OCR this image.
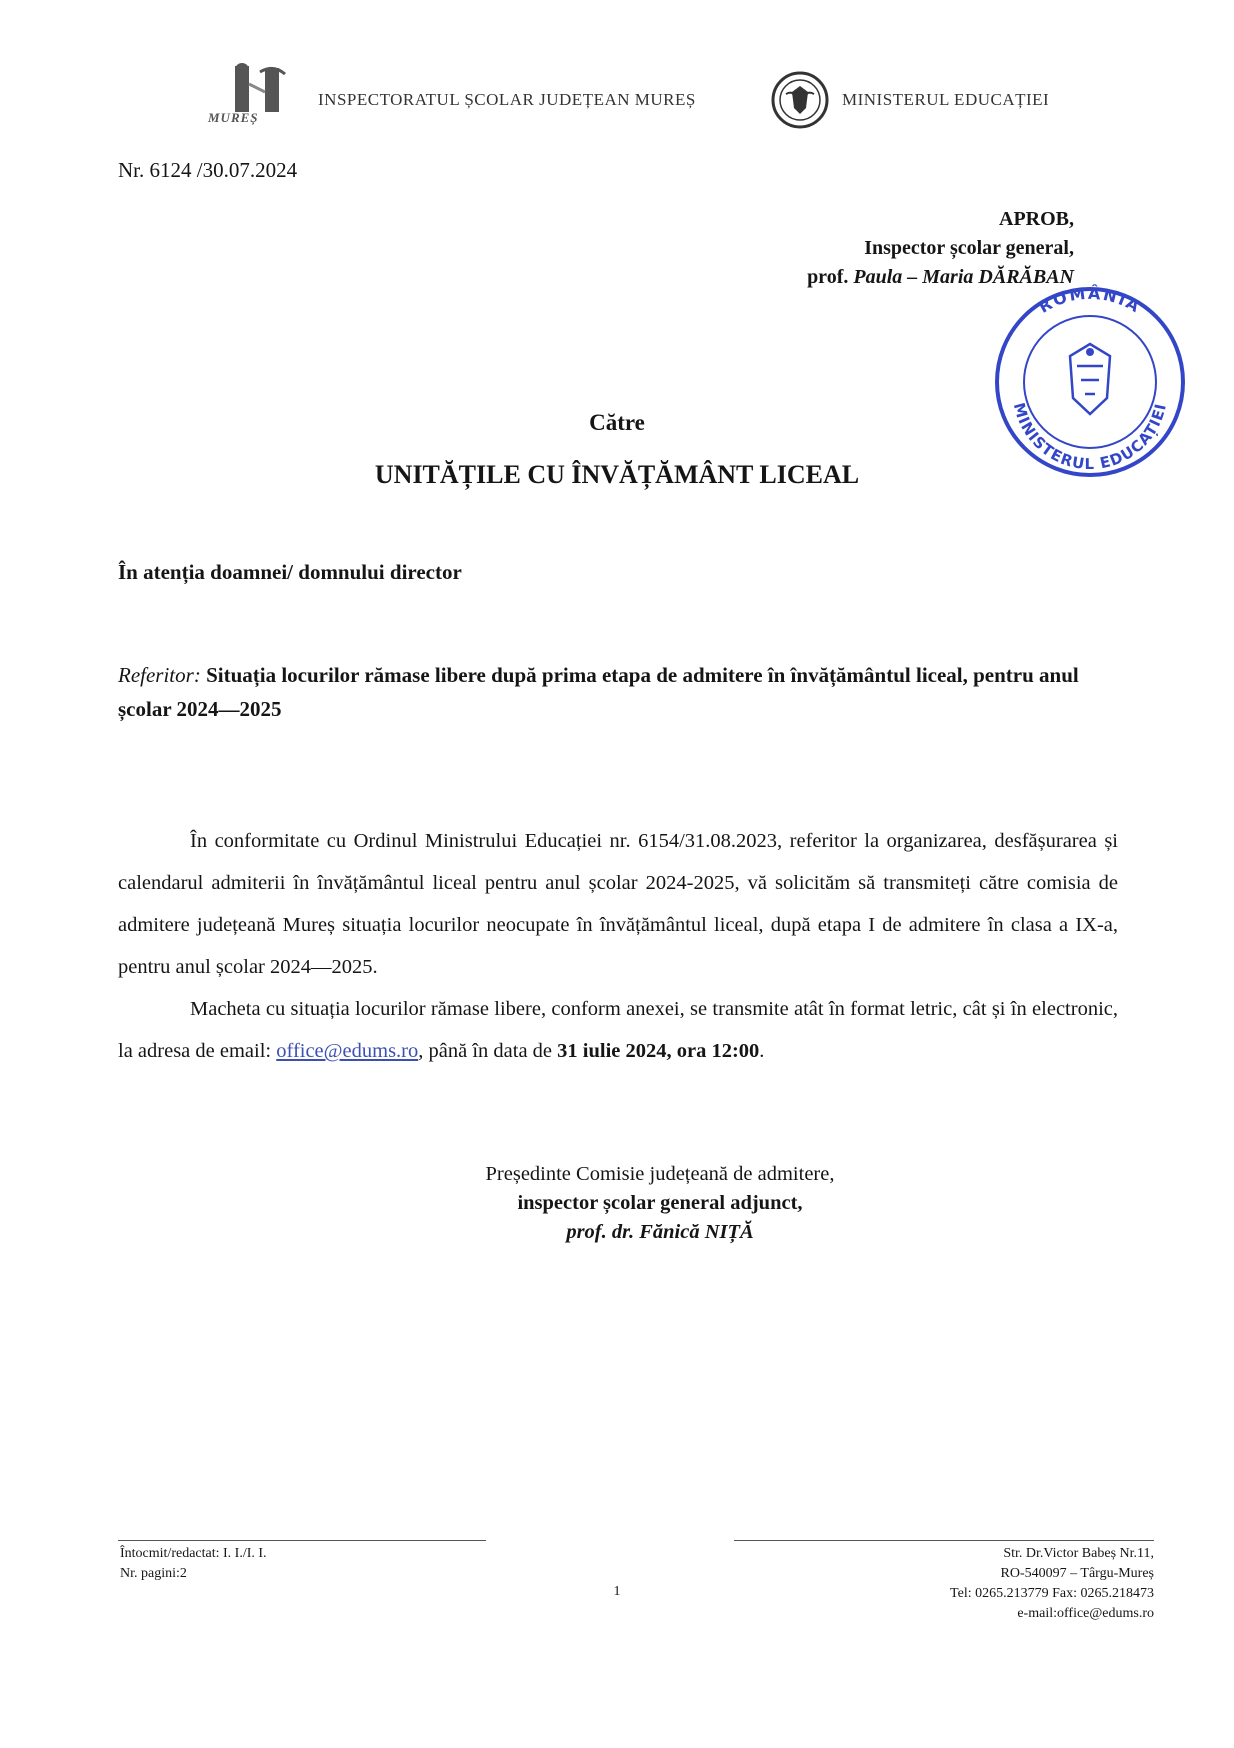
MUREȘ
INSPECTORATUL ȘCOLAR JUDEȚEAN MUREȘ	MINISTERUL EDUCAȚIEI
Nr. 6124 /30.07.2024
APROB,
Inspector școlar general,
prof. Paula – Maria DĂRĂBAN
ROMÂNIA
MINISTERUL EDUCAȚIEI
Către
UNITĂȚILE CU ÎNVĂȚĂMÂNT LICEAL
În atenția doamnei/ domnului director
Referitor: Situația locurilor rămase libere după prima etapa de admitere în învățământul liceal, pentru anul școlar 2024—2025

În conformitate cu Ordinul Ministrului Educației nr. 6154/31.08.2023, referitor la organizarea, desfășurarea și calendarul admiterii în învățământul liceal pentru anul școlar 2024-2025, vă solicităm să transmiteți către comisia de admitere județeană Mureș situația locurilor neocupate în învățământul liceal, după etapa I de admitere în clasa a IX-a, pentru anul școlar 2024—2025.

Macheta cu situația locurilor rămase libere, conform anexei, se transmite atât în format letric, cât și în electronic, la adresa de email: office@edums.ro, până în data de 31 iulie 2024, ora 12:00.

Președinte Comisie județeană de admitere,
inspector școlar general adjunct,
prof. dr. Fănică NIȚĂ
Întocmit/redactat: I. I./I. I.
Nr. pagini:2
1
Str. Dr.Victor Babeș Nr.11,
RO-540097 – Târgu-Mureș
Tel: 0265.213779 Fax: 0265.218473
e-mail:office@edums.ro
